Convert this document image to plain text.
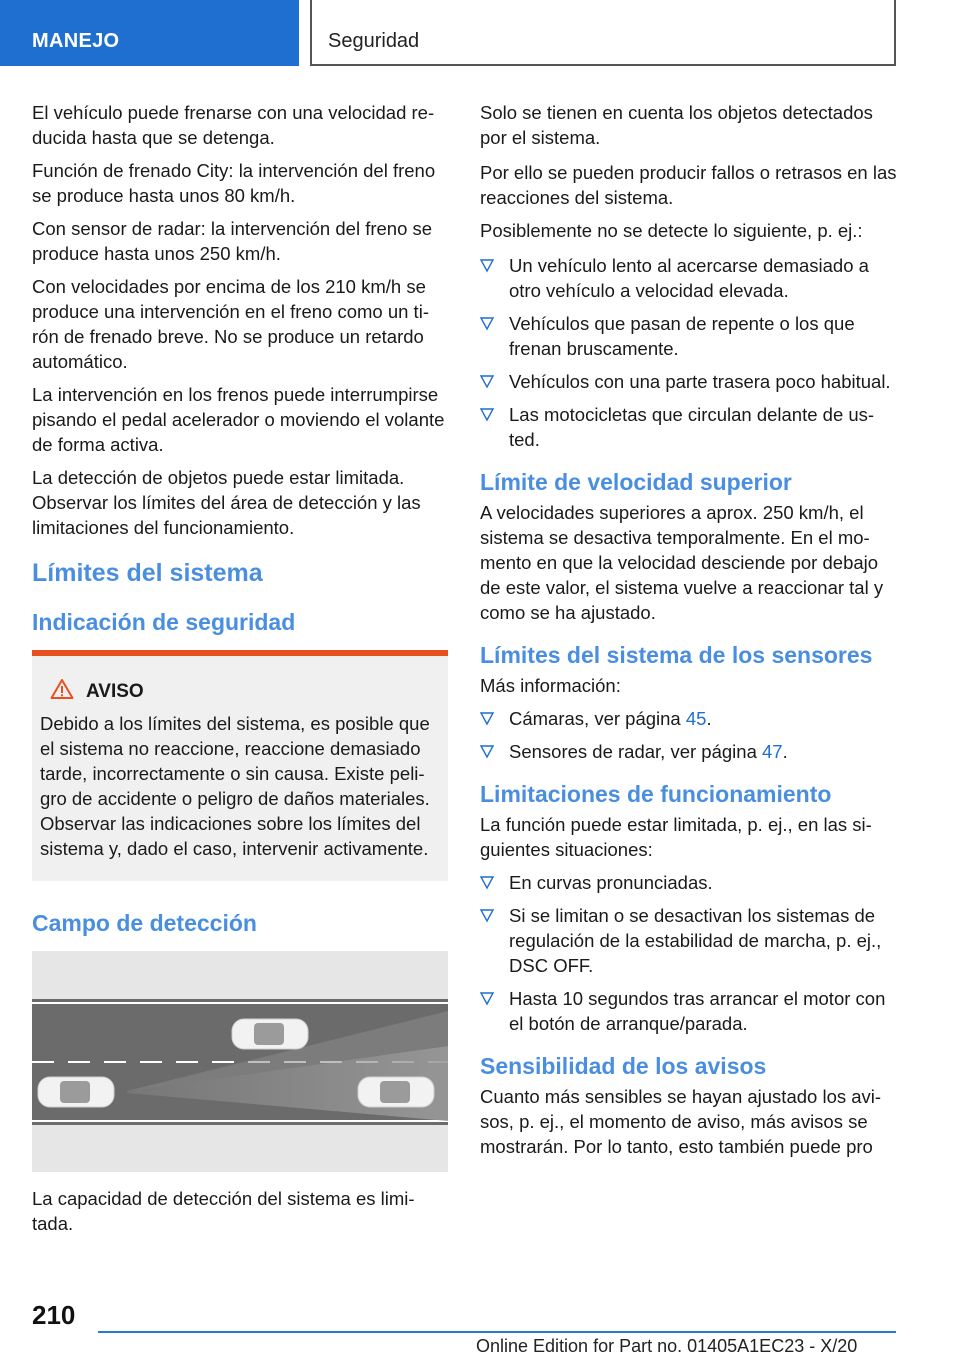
MANEJO	Seguridad

El vehículo puede frenarse con una velocidad reducida hasta que se detenga.

Función de frenado City: la intervención del freno se produce hasta unos 80 km/h.

Con sensor de radar: la intervención del freno se produce hasta unos 250 km/h.

Con velocidades por encima de los 210 km/h se produce una intervención en el freno como un tirón de frenado breve. No se produce un retardo automático.

La intervención en los frenos puede interrumpirse pisando el pedal acelerador o moviendo el volante de forma activa.

La detección de objetos puede estar limitada. Observar los límites del área de detección y las limitaciones del funcionamiento.

Límites del sistema
Indicación de seguridad
AVISO

Debido a los límites del sistema, es posible que el sistema no reaccione, reaccione demasiado tarde, incorrectamente o sin causa. Existe peligro de accidente o peligro de daños materiales. Observar las indicaciones sobre los límites del sistema y, dado el caso, intervenir activamente.

Campo de detección

La capacidad de detección del sistema es limitada.

Solo se tienen en cuenta los objetos detectados por el sistema.

Por ello se pueden producir fallos o retrasos en las reacciones del sistema.

Posiblemente no se detecte lo siguiente, p. ej.:

Un vehículo lento al acercarse demasiado a otro vehículo a velocidad elevada.
Vehículos que pasan de repente o los que frenan bruscamente.
Vehículos con una parte trasera poco habitual.
Las motocicletas que circulan delante de usted.
Límite de velocidad superior

A velocidades superiores a aprox. 250 km/h, el sistema se desactiva temporalmente. En el momento en que la velocidad desciende por debajo de este valor, el sistema vuelve a reaccionar tal y como se ha ajustado.

Límites del sistema de los sensores

Más información:

Cámaras, ver página 45.
Sensores de radar, ver página 47.
Limitaciones de funcionamiento

La función puede estar limitada, p. ej., en las siguientes situaciones:

En curvas pronunciadas.
Si se limitan o se desactivan los sistemas de regulación de la estabilidad de marcha, p. ej., DSC OFF.
Hasta 10 segundos tras arrancar el motor con el botón de arranque/parada.
Sensibilidad de los avisos

Cuanto más sensibles se hayan ajustado los avisos, p. ej., el momento de aviso, más avisos se mostrarán. Por lo tanto, esto también puede pro

210
Online Edition for Part no. 01405A1EC23 - X/20
